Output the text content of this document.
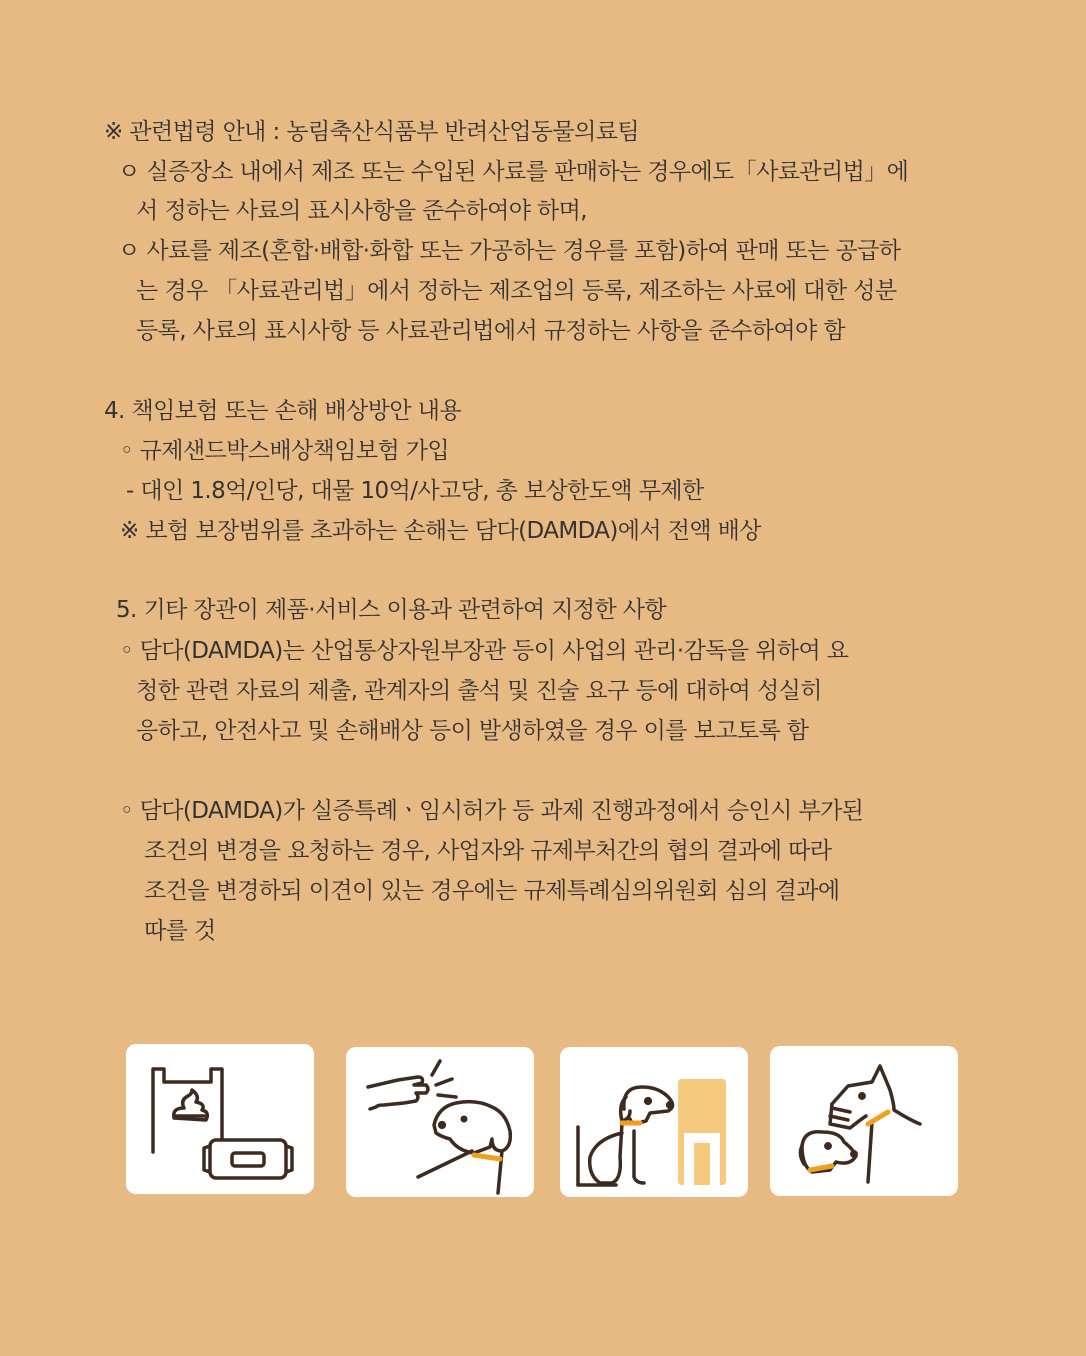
※ 관련법령 안내 : 농림축산식품부 반려산업동물의료팀
ㅇ 실증장소 내에서 제조 또는 수입된 사료를 판매하는 경우에도「사료관리법」에
서 정하는 사료의 표시사항을 준수하여야 하며,
ㅇ 사료를 제조(혼합·배합·화합 또는 가공하는 경우를 포함)하여 판매 또는 공급하
는 경우 「사료관리법」에서 정하는 제조업의 등록, 제조하는 사료에 대한 성분
등록, 사료의 표시사항 등 사료관리법에서 규정하는 사항을 준수하여야 함
4. 책임보험 또는 손해 배상방안 내용
◦ 규제샌드박스배상책임보험 가입
- 대인 1.8억/인당, 대물 10억/사고당, 총 보상한도액 무제한
※ 보험 보장범위를 초과하는 손해는 담다(DAMDA)에서 전액 배상
5. 기타 장관이 제품·서비스 이용과 관련하여 지정한 사항
◦ 담다(DAMDA)는 산업통상자원부장관 등이 사업의 관리·감독을 위하여 요
청한 관련 자료의 제출, 관계자의 출석 및 진술 요구 등에 대하여 성실히
응하고, 안전사고 및 손해배상 등이 발생하였을 경우 이를 보고토록 함
◦ 담다(DAMDA)가 실증특례ㆍ임시허가 등 과제 진행과정에서 승인시 부가된
조건의 변경을 요청하는 경우, 사업자와 규제부처간의 협의 결과에 따라
조건을 변경하되 이견이 있는 경우에는 규제특례심의위원회 심의 결과에
따를 것
